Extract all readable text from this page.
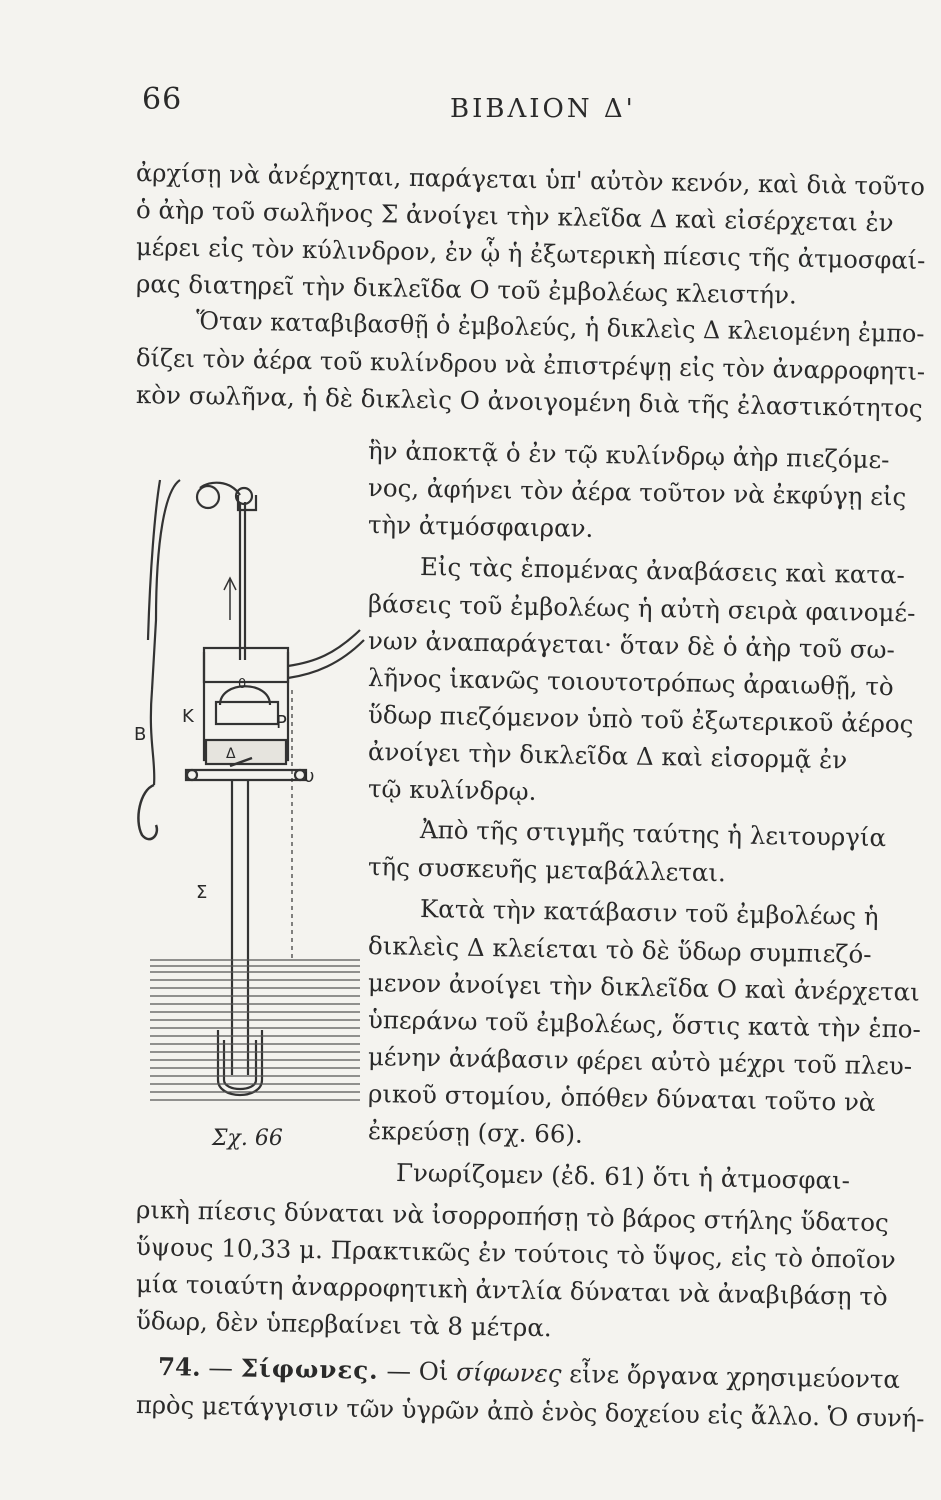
66	ΒΙΒΛΙΟΝ Δ'
ἀρχίσῃ νὰ ἀνέρχηται, παράγεται ὑπ' αὐτὸν κενόν, καὶ διὰ τοῦτο
ὁ ἀὴρ τοῦ σωλῆνος Σ ἀνοίγει τὴν κλεῖδα Δ καὶ εἰσέρχεται ἐν
μέρει εἰς τὸν κύλινδρον, ἐν ᾧ ἡ ἐξωτερικὴ πίεσις τῆς ἀτμοσφαί-
ρας διατηρεῖ τὴν δικλεῖδα Ο τοῦ ἐμβολέως κλειστήν.
Ὅταν καταβιβασθῇ ὁ ἐμβολεύς, ἡ δικλεὶς Δ κλειομένη ἐμπο-
δίζει τὸν ἀέρα τοῦ κυλίνδρου νὰ ἐπιστρέψῃ εἰς τὸν ἀναρροφητι-
κὸν σωλῆνα, ἡ δὲ δικλεὶς Ο ἀνοιγομένη διὰ τῆς ἐλαστικότητος
ἣν ἀποκτᾷ ὁ ἐν τῷ κυλίνδρῳ ἀὴρ πιεζόμε-
νος, ἀφήνει τὸν ἀέρα τοῦτον νὰ ἐκφύγῃ εἰς
τὴν ἀτμόσφαιραν.
Εἰς τὰς ἑπομένας ἀναβάσεις καὶ κατα-
βάσεις τοῦ ἐμβολέως ἡ αὐτὴ σειρὰ φαινομέ-
νων ἀναπαράγεται· ὅταν δὲ ὁ ἀὴρ τοῦ σω-
λῆνος ἱκανῶς τοιουτοτρόπως ἀραιωθῇ, τὸ
ὕδωρ πιεζόμενον ὑπὸ τοῦ ἐξωτερικοῦ ἀέρος
ἀνοίγει τὴν δικλεῖδα Δ καὶ εἰσορμᾷ ἐν
τῷ κυλίνδρῳ.
Ἀπὸ τῆς στιγμῆς ταύτης ἡ λειτουργία
τῆς συσκευῆς μεταβάλλεται.
Κατὰ τὴν κατάβασιν τοῦ ἐμβολέως ἡ
δικλεὶς Δ κλείεται τὸ δὲ ὕδωρ συμπιεζό-
μενον ἀνοίγει τὴν δικλεῖδα Ο καὶ ἀνέρχεται
ὑπεράνω τοῦ ἐμβολέως, ὅστις κατὰ τὴν ἑπο-
μένην ἀνάβασιν φέρει αὐτὸ μέχρι τοῦ πλευ-
ρικοῦ στομίου, ὁπόθεν δύναται τοῦτο νὰ
ἐκρεύσῃ (σχ. 66).
Γνωρίζομεν (ἐδ. 61) ὅτι ἡ ἀτμοσφαι-
ρικὴ πίεσις δύναται νὰ ἰσορροπήσῃ τὸ βάρος στήλης ὕδατος
ὕψους 10,33 μ. Πρακτικῶς ἐν τούτοις τὸ ὕψος, εἰς τὸ ὁποῖον
μία τοιαύτη ἀναρροφητικὴ ἀντλία δύναται νὰ ἀναβιβάσῃ τὸ
ὕδωρ, δὲν ὑπερβαίνει τὰ 8 μέτρα.
74. — Σίφωνες. — Οἱ σίφωνες εἶνε ὄργανα χρησιμεύοντα
πρὸς μετάγγισιν τῶν ὑγρῶν ἀπὸ ἑνὸς δοχείου εἰς ἄλλο. Ὁ συνή-
B
K	P
0
Δ
υ
Σ
Σχ. 66
